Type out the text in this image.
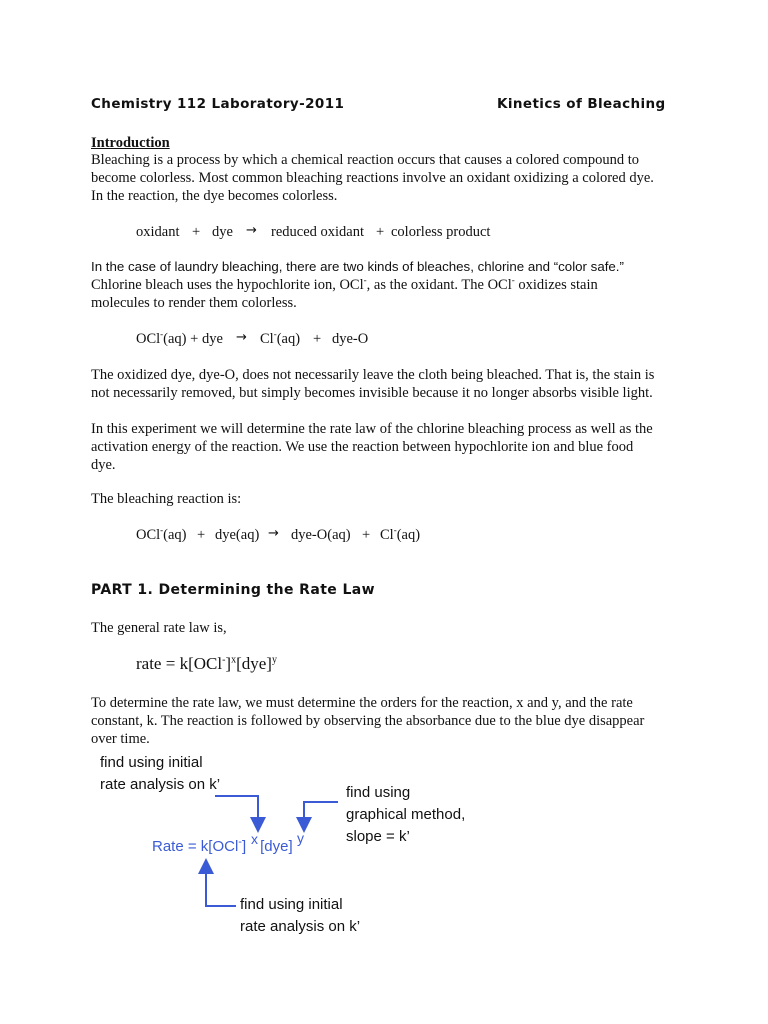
Chemistry 112 Laboratory-2011	Kinetics of Bleaching
Introduction
Bleaching is a process by which a chemical reaction occurs that causes a colored compound to
become colorless. Most common bleaching reactions involve an oxidant oxidizing a colored dye.
In the reaction, the dye becomes colorless.
oxidant + dye → reduced oxidant + colorless product
In the case of laundry bleaching, there are two kinds of bleaches, chlorine and “color safe.”
Chlorine bleach uses the hypochlorite ion, OCl-, as the oxidant. The OCl- oxidizes stain
molecules to render them colorless.
OCl-(aq) + dye → Cl-(aq) + dye-O
The oxidized dye, dye-O, does not necessarily leave the cloth being bleached. That is, the stain is
not necessarily removed, but simply becomes invisible because it no longer absorbs visible light.
In this experiment we will determine the rate law of the chlorine bleaching process as well as the
activation energy of the reaction. We use the reaction between hypochlorite ion and blue food
dye.
The bleaching reaction is:
OCl-(aq) + dye(aq) → dye-O(aq) + Cl-(aq)
PART 1. Determining the Rate Law
The general rate law is,
rate = $k[OCl^-]^x[dye]^y$
To determine the rate law, we must determine the orders for the reaction, x and y, and the rate
constant, k. The reaction is followed by observing the absorbance due to the blue dye disappear
over time.
find using initial
rate analysis on k’	find using
graphical method,
slope = k’
Rate = k[OCl-] [dye]
x	y
find using initial
rate analysis on k’
